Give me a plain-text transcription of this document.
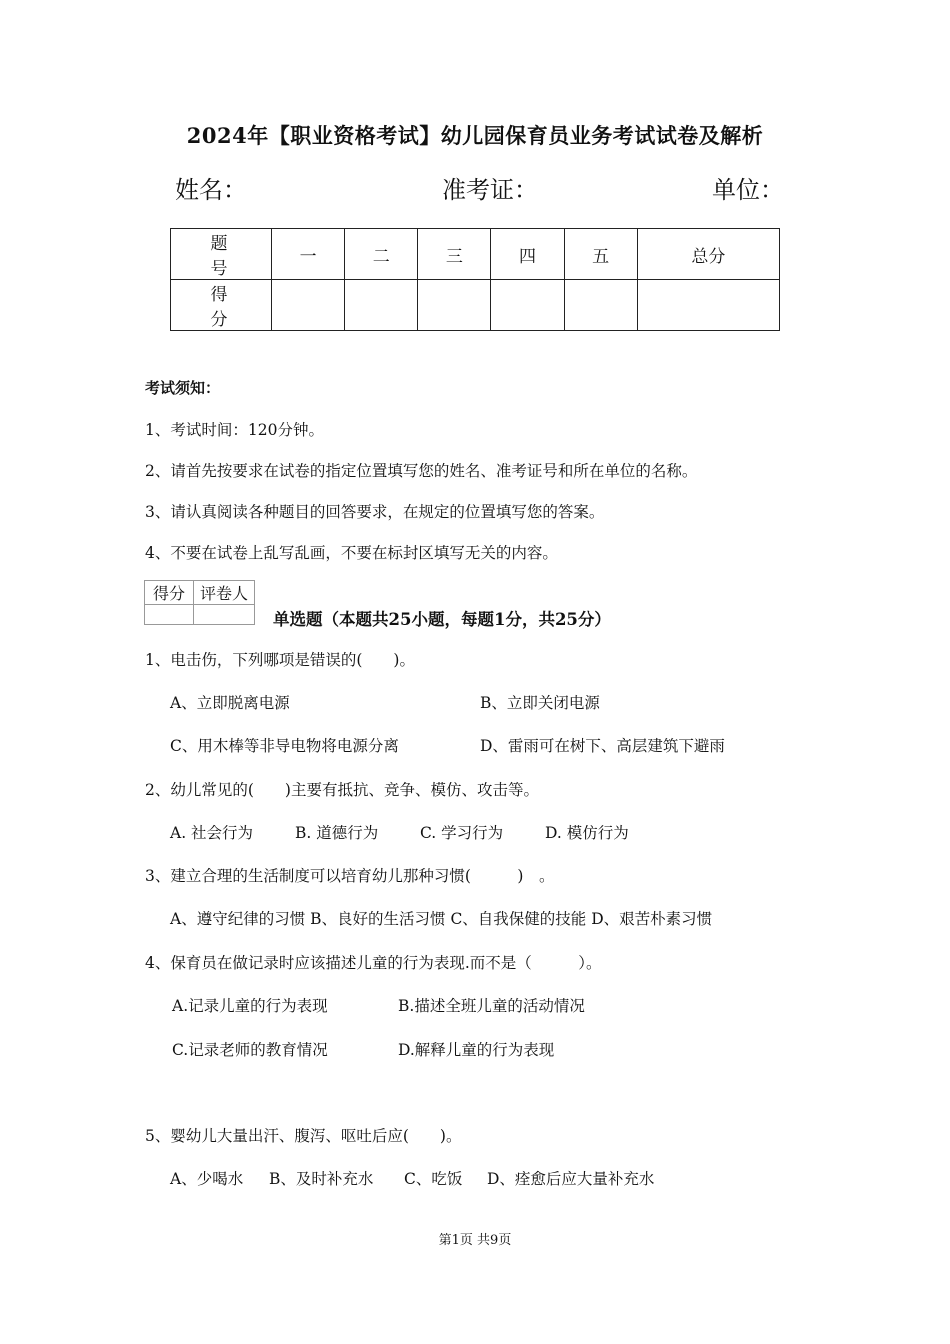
2024年【职业资格考试】幼儿园保育员业务考试试卷及解析
姓名：	准考证：	单位：
题　号	一	二	三	四	五	总分
得　分						
考试须知：
1、考试时间：120分钟。
2、请首先按要求在试卷的指定位置填写您的姓名、准考证号和所在单位的名称。
3、请认真阅读各种题目的回答要求，在规定的位置填写您的答案。
4、不要在试卷上乱写乱画，不要在标封区填写无关的内容。
得分	评卷人

单选题（本题共25小题，每题1分，共25分）
1、电击伤，下列哪项是错误的(　　)。
A、立即脱离电源	B、立即关闭电源
C、用木棒等非导电物将电源分离	D、雷雨可在树下、高层建筑下避雨
2、幼儿常见的(　　)主要有抵抗、竞争、模仿、攻击等。
A. 社会行为	B. 道德行为	C. 学习行为	D. 模仿行为
3、建立合理的生活制度可以培育幼儿那种习惯(　　　)　。
A、遵守纪律的习惯 B、良好的生活习惯 C、自我保健的技能 D、艰苦朴素习惯
4、保育员在做记录时应该描述儿童的行为表现.而不是（　　　）。
A.记录儿童的行为表现	B.描述全班儿童的活动情况
C.记录老师的教育情况	D.解释儿童的行为表现
5、婴幼儿大量出汗、腹泻、呕吐后应(　　)。
A、少喝水 B、及时补充水 C、吃饭 D、痊愈后应大量补充水
第1页 共9页
